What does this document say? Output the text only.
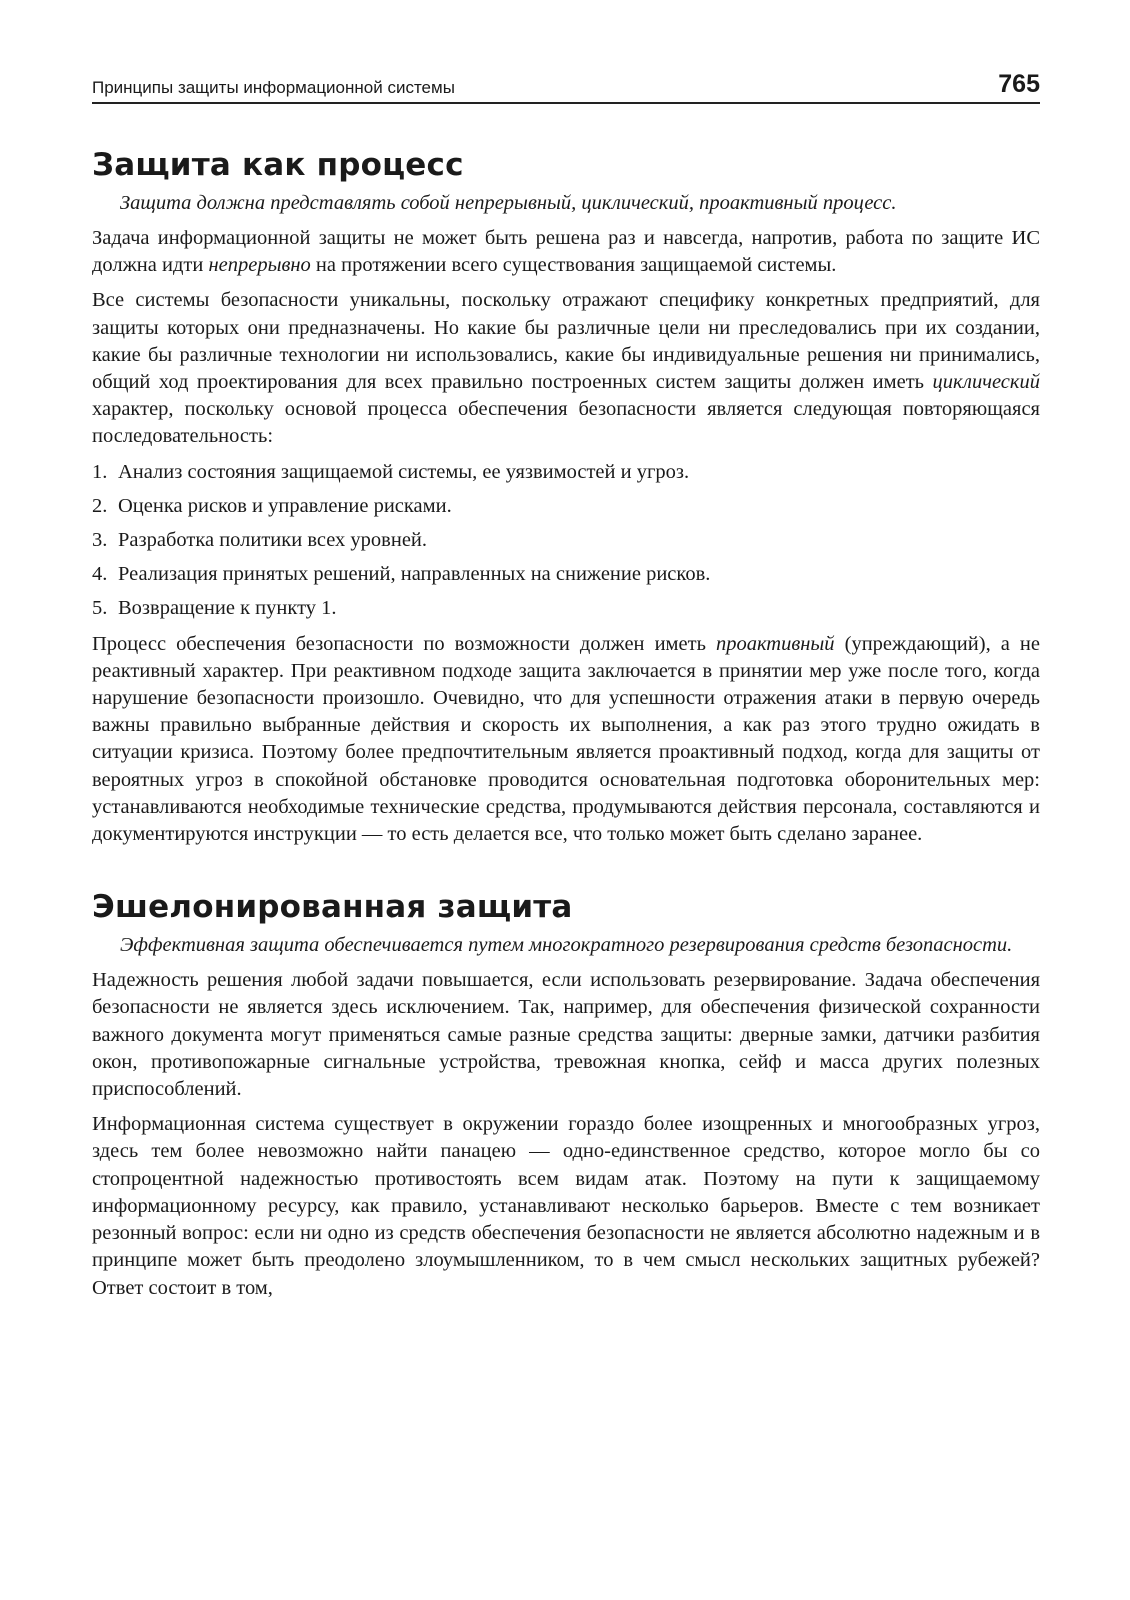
Принципы защиты информационной системы	765
Защита как процесс
Защита должна представлять собой непрерывный, циклический, проактивный процесс.

Задача информационной защиты не может быть решена раз и навсегда, напротив, работа по защите ИС должна идти непрерывно на протяжении всего существования защищаемой системы.

Все системы безопасности уникальны, поскольку отражают специфику конкретных предприятий, для защиты которых они предназначены. Но какие бы различные цели ни преследовались при их создании, какие бы различные технологии ни использовались, какие бы индивидуальные решения ни принимались, общий ход проектирования для всех правильно построенных систем защиты должен иметь циклический характер, поскольку основой процесса обеспечения безопасности является следующая повторяющаяся последовательность:

1. Анализ состояния защищаемой системы, ее уязвимостей и угроз.
2. Оценка рисков и управление рисками.
3. Разработка политики всех уровней.
4. Реализация принятых решений, направленных на снижение рисков.
5. Возвращение к пункту 1.

Процесс обеспечения безопасности по возможности должен иметь проактивный (упреждающий), а не реактивный характер. При реактивном подходе защита заключается в принятии мер уже после того, когда нарушение безопасности произошло. Очевидно, что для успешности отражения атаки в первую очередь важны правильно выбранные действия и скорость их выполнения, а как раз этого трудно ожидать в ситуации кризиса. Поэтому более предпочтительным является проактивный подход, когда для защиты от вероятных угроз в спокойной обстановке проводится основательная подготовка оборонительных мер: устанавливаются необходимые технические средства, продумываются действия персонала, составляются и документируются инструкции — то есть делается все, что только может быть сделано заранее.

Эшелонированная защита
Эффективная защита обеспечивается путем многократного резервирования средств безопасности.

Надежность решения любой задачи повышается, если использовать резервирование. Задача обеспечения безопасности не является здесь исключением. Так, например, для обеспечения физической сохранности важного документа могут применяться самые разные средства защиты: дверные замки, датчики разбития окон, противопожарные сигнальные устройства, тревожная кнопка, сейф и масса других полезных приспособлений.

Информационная система существует в окружении гораздо более изощренных и многообразных угроз, здесь тем более невозможно найти панацею — одно-единственное средство, которое могло бы со стопроцентной надежностью противостоять всем видам атак. Поэтому на пути к защищаемому информационному ресурсу, как правило, устанавливают несколько барьеров. Вместе с тем возникает резонный вопрос: если ни одно из средств обеспечения безопасности не является абсолютно надежным и в принципе может быть преодолено злоумышленником, то в чем смысл нескольких защитных рубежей? Ответ состоит в том,
